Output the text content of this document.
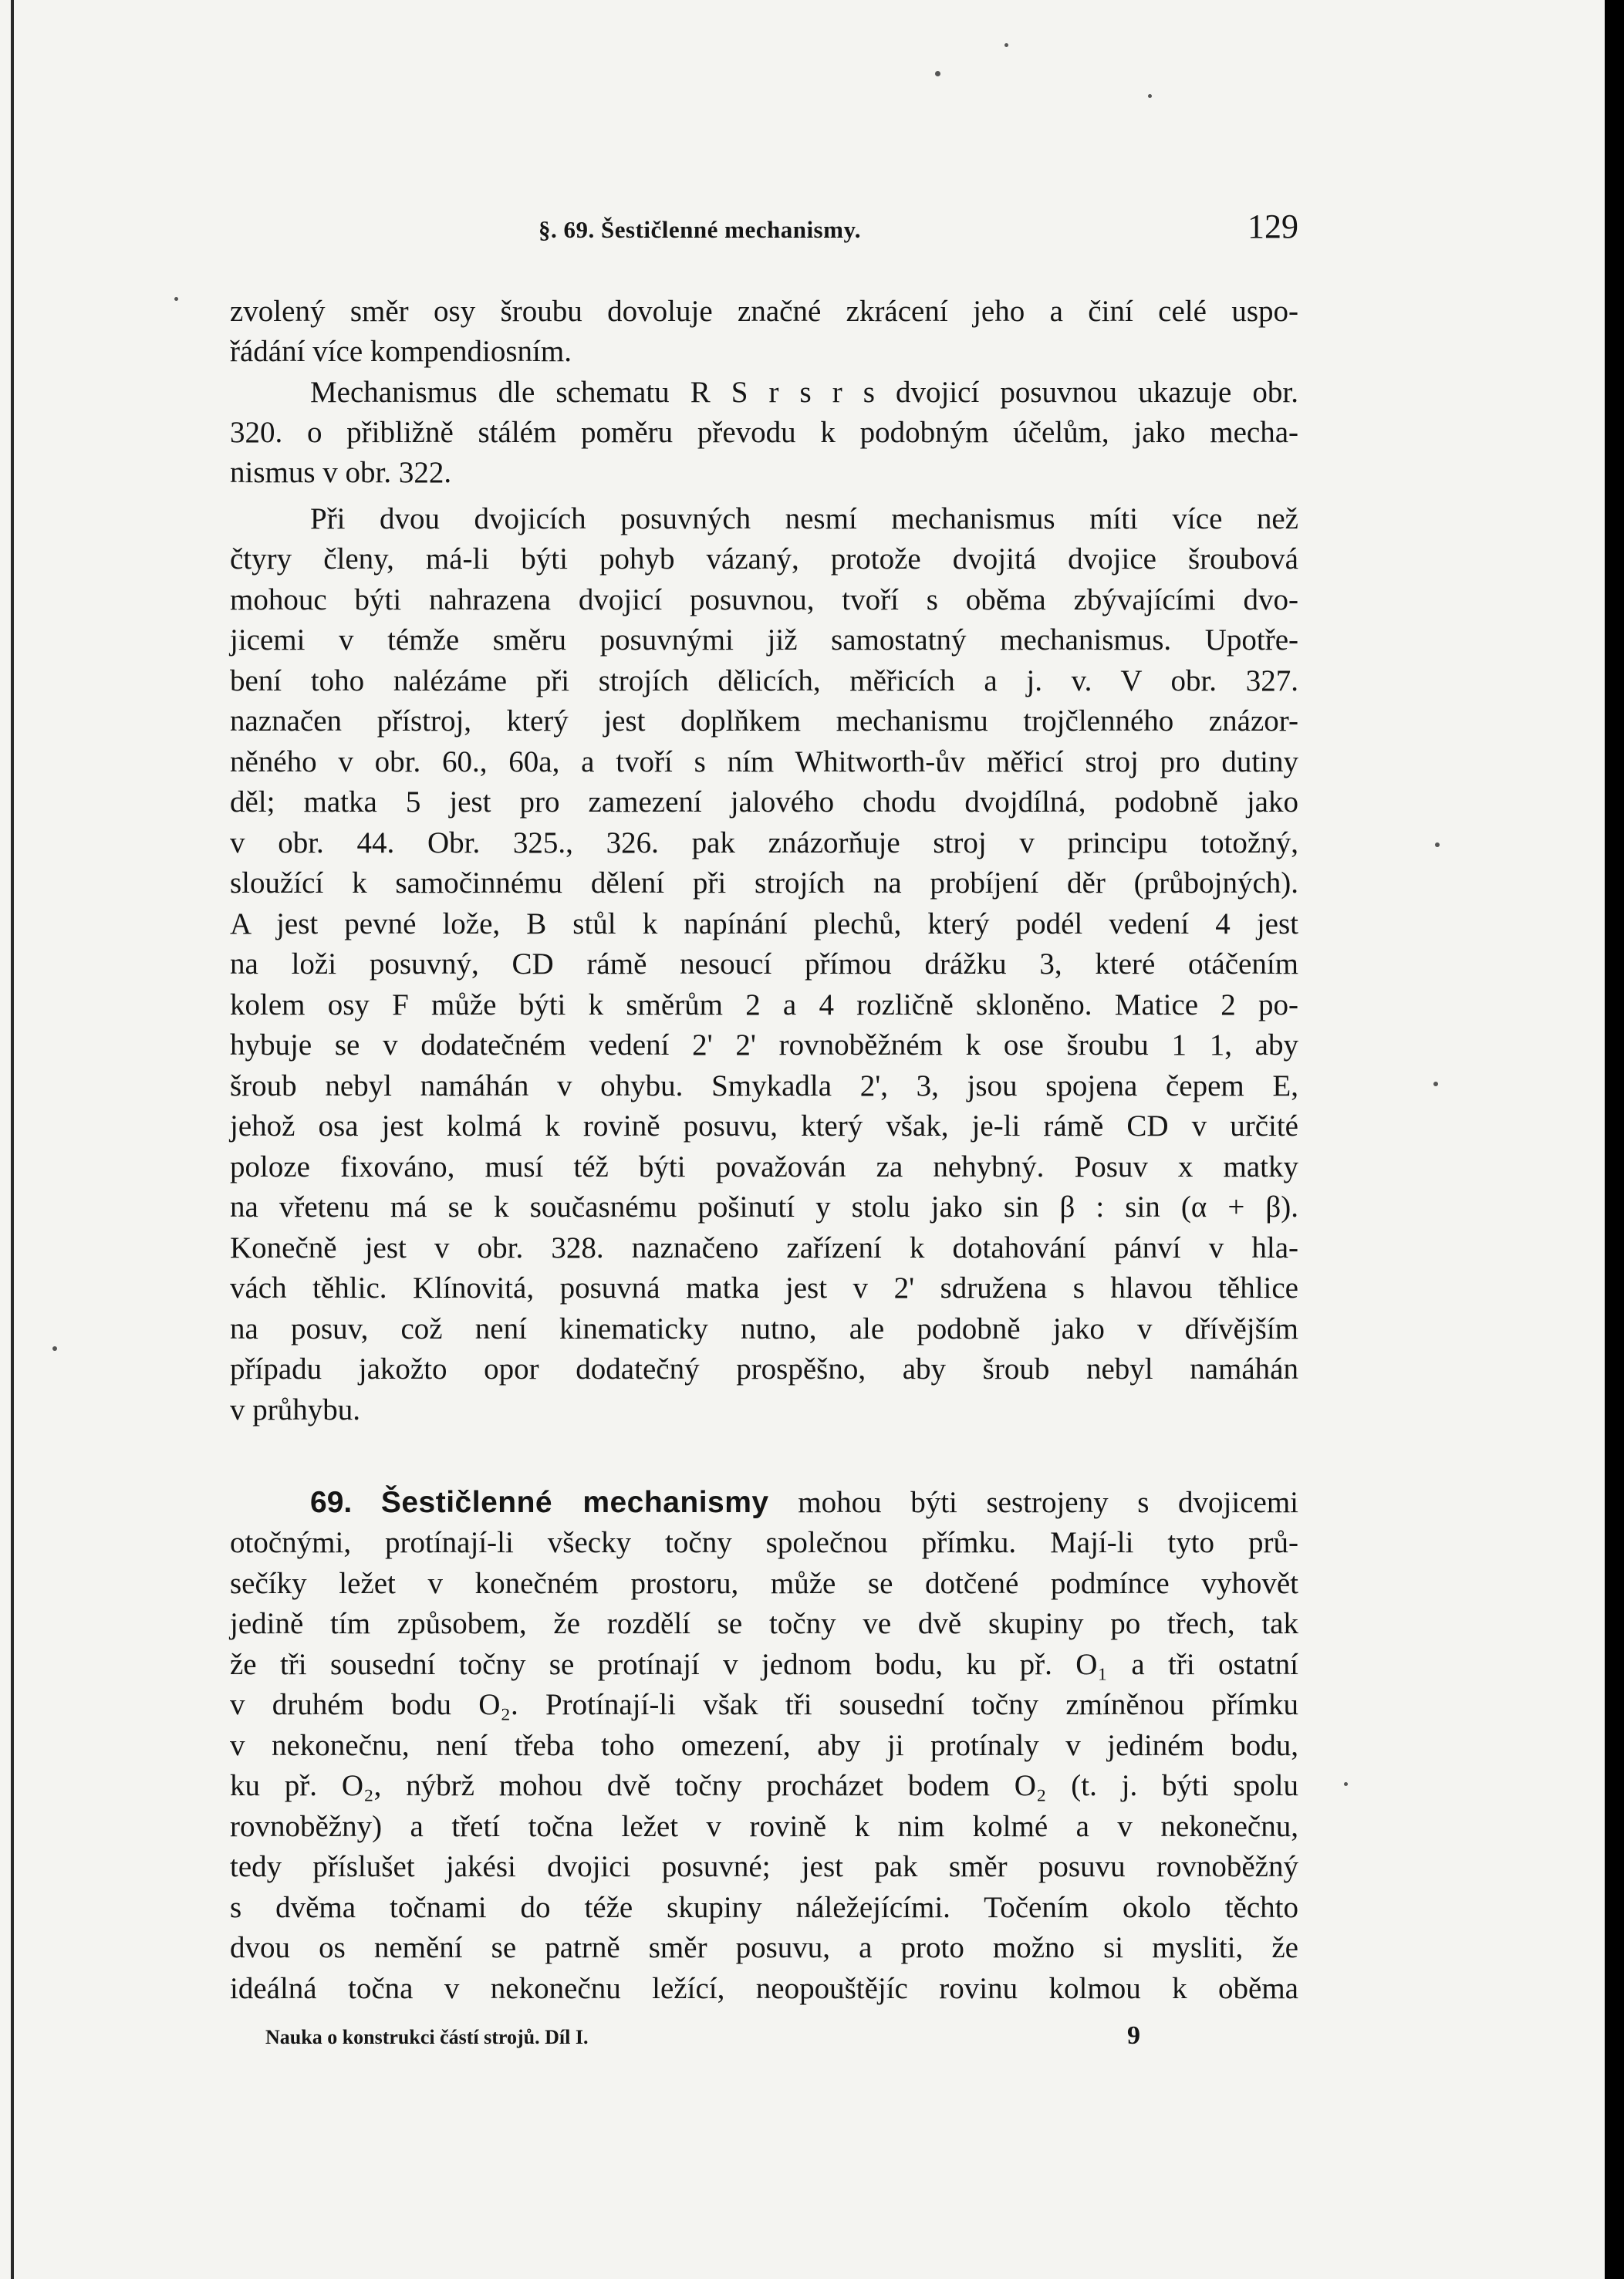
§. 69. Šestičlenné mechanismy.	129
zvolený směr osy šroubu dovoluje značné zkrácení jeho a činí celé uspo-
řádání více kompendiosním.
Mechanismus dle schematu R S r s r s dvojicí posuvnou ukazuje obr.
320. o přibližně stálém poměru převodu k podobným účelům, jako mecha-
nismus v obr. 322.
Při dvou dvojicích posuvných nesmí mechanismus míti více než
čtyry členy, má-li býti pohyb vázaný, protože dvojitá dvojice šroubová
mohouc býti nahrazena dvojicí posuvnou, tvoří s oběma zbývajícími dvo-
jicemi v témže směru posuvnými již samostatný mechanismus. Upotře-
bení toho nalézáme při strojích dělicích, měřicích a j. v. V obr. 327.
naznačen přístroj, který jest doplňkem mechanismu trojčlenného znázor-
něného v obr. 60., 60a, a tvoří s ním Whitworth-ův měřicí stroj pro dutiny
děl; matka 5 jest pro zamezení jalového chodu dvojdílná, podobně jako
v obr. 44. Obr. 325., 326. pak znázorňuje stroj v principu totožný,
sloužící k samočinnému dělení při strojích na probíjení děr (průbojných).
A jest pevné lože, B stůl k napínání plechů, který podél vedení 4 jest
na loži posuvný, CD rámě nesoucí přímou drážku 3, které otáčením
kolem osy F může býti k směrům 2 a 4 rozličně skloněno. Matice 2 po-
hybuje se v dodatečném vedení 2' 2' rovnoběžném k ose šroubu 1 1, aby
šroub nebyl namáhán v ohybu. Smykadla 2', 3, jsou spojena čepem E,
jehož osa jest kolmá k rovině posuvu, který však, je-li rámě CD v určité
poloze fixováno, musí též býti považován za nehybný. Posuv x matky
na vřetenu má se k současnému pošinutí y stolu jako sin β : sin (α + β).
Konečně jest v obr. 328. naznačeno zařízení k dotahování pánví v hla-
vách těhlic. Klínovitá, posuvná matka jest v 2' sdružena s hlavou těhlice
na posuv, což není kinematicky nutno, ale podobně jako v dřívějším
případu jakožto opor dodatečný prospěšno, aby šroub nebyl namáhán
v průhybu.
69. Šestičlenné mechanismy mohou býti sestrojeny s dvojicemi
otočnými, protínají-li všecky točny společnou přímku. Mají-li tyto prů-
sečíky ležet v konečném prostoru, může se dotčené podmínce vyhovět
jedině tím způsobem, že rozdělí se točny ve dvě skupiny po třech, tak
že tři sousední točny se protínají v jednom bodu, ku př. O₁ a tři ostatní
v druhém bodu O₂. Protínají-li však tři sousední točny zmíněnou přímku
v nekonečnu, není třeba toho omezení, aby ji protínaly v jediném bodu,
ku př. O₂, nýbrž mohou dvě točny procházet bodem O₂ (t. j. býti spolu
rovnoběžny) a třetí točna ležet v rovině k nim kolmé a v nekonečnu,
tedy příslušet jakési dvojici posuvné; jest pak směr posuvu rovnoběžný
s dvěma točnami do téže skupiny náležejícími. Točením okolo těchto
dvou os nemění se patrně směr posuvu, a proto možno si mysliti, že
ideálná točna v nekonečnu ležící, neopouštějíc rovinu kolmou k oběma
Nauka o konstrukci částí strojů. Díl I.	9
